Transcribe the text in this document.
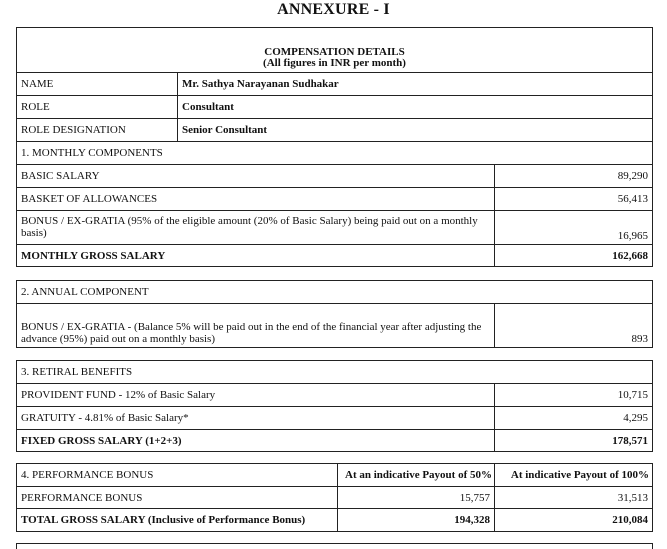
ANNEXURE - I
COMPENSATION DETAILS
(All figures in INR per month)
NAME	Mr. Sathya Narayanan Sudhakar
ROLE	Consultant
ROLE DESIGNATION	Senior Consultant
1. MONTHLY COMPONENTS
BASIC SALARY	89,290
BASKET OF ALLOWANCES	56,413
BONUS / EX-GRATIA (95% of the eligible amount (20% of Basic Salary) being paid out on a monthly basis)	16,965
MONTHLY GROSS SALARY	162,668
2. ANNUAL COMPONENT
BONUS / EX-GRATIA - (Balance 5% will be paid out in the end of the financial year after adjusting the advance (95%) paid out on a monthly basis)	893
3. RETIRAL BENEFITS
PROVIDENT FUND - 12% of Basic Salary	10,715
GRATUITY - 4.81% of Basic Salary*	4,295
FIXED GROSS SALARY (1+2+3)	178,571
4. PERFORMANCE BONUS	At an indicative Payout of 50%	At indicative Payout of 100%
PERFORMANCE BONUS	15,757	31,513
TOTAL GROSS SALARY (Inclusive of Performance Bonus)	194,328	210,084
